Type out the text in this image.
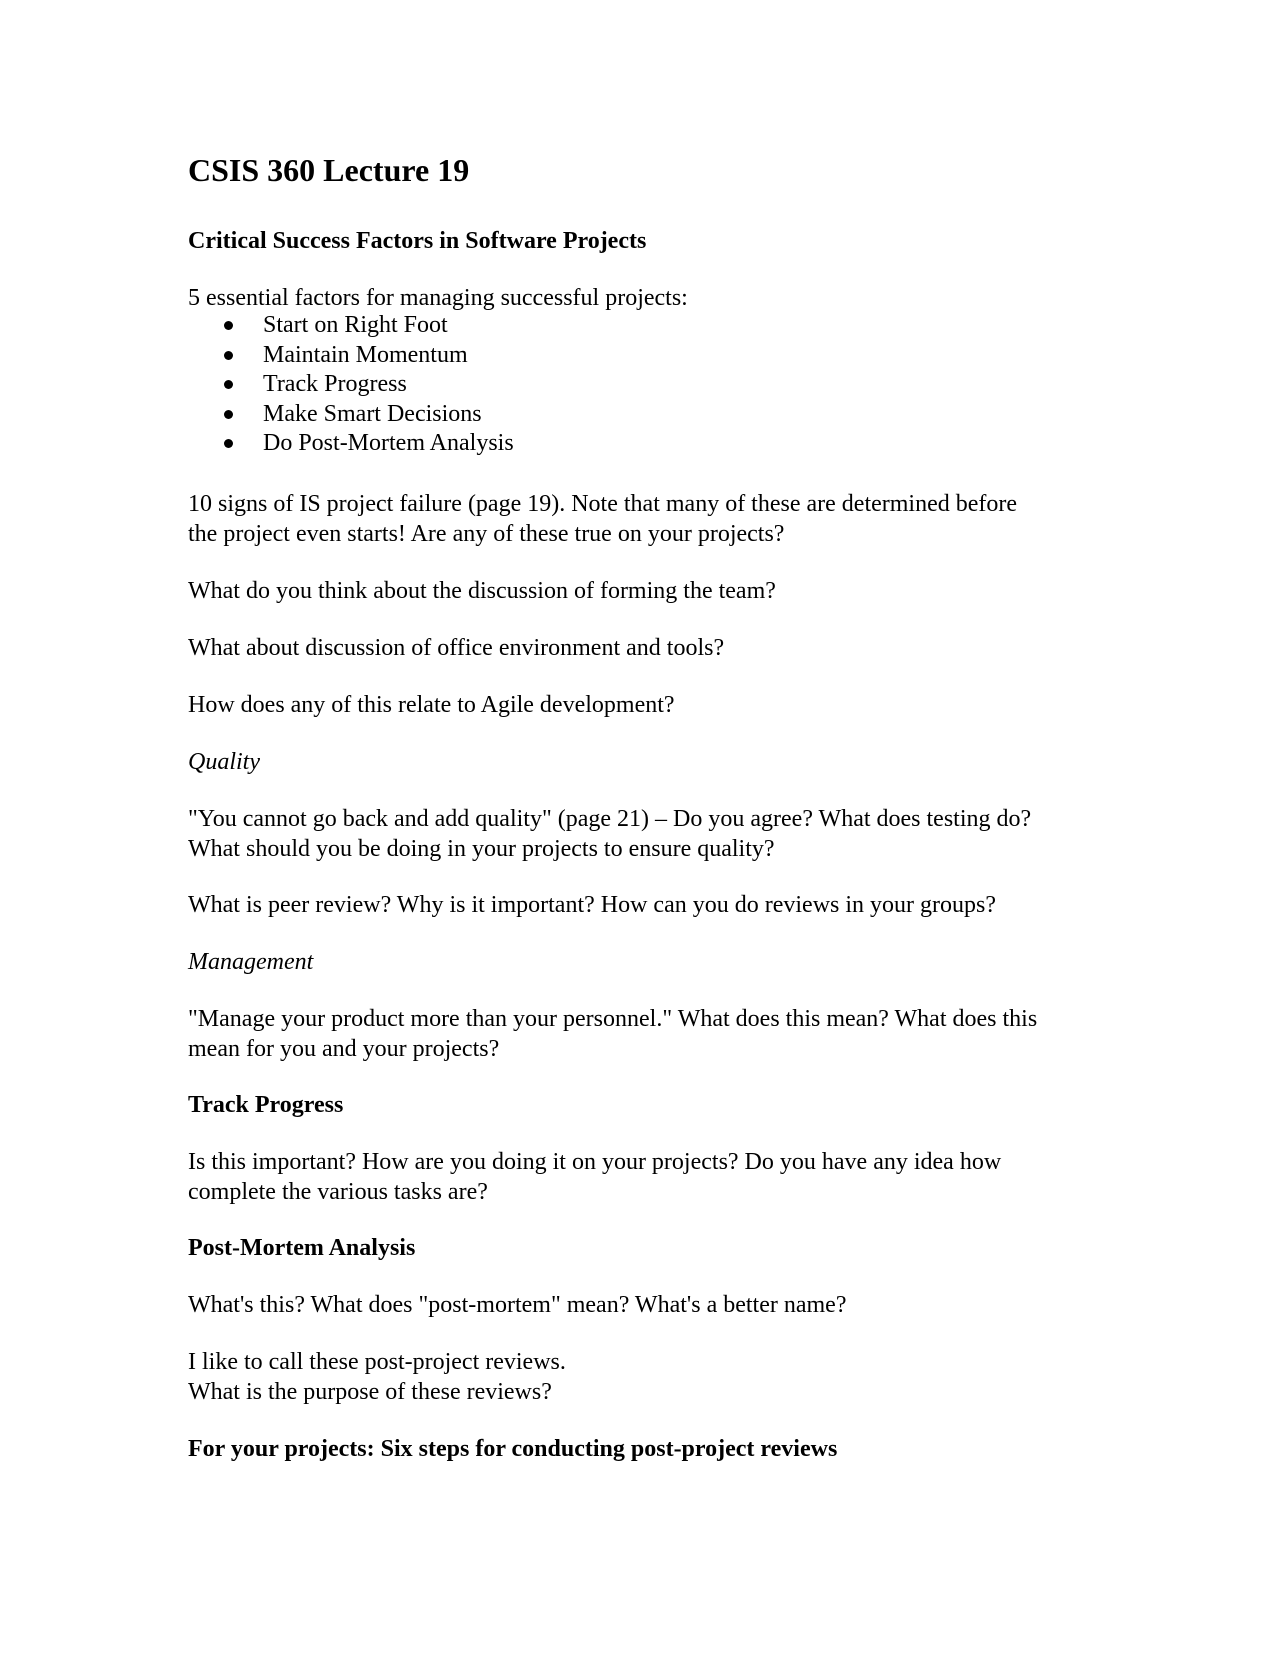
CSIS 360 Lecture 19

Critical Success Factors in Software Projects

5 essential factors for managing successful projects:

Start on Right Foot
Maintain Momentum
Track Progress
Make Smart Decisions
Do Post-Mortem Analysis

10 signs of IS project failure (page 19). Note that many of these are determined before
the project even starts! Are any of these true on your projects?

What do you think about the discussion of forming the team?

What about discussion of office environment and tools?

How does any of this relate to Agile development?

Quality

"You cannot go back and add quality" (page 21) – Do you agree? What does testing do?
What should you be doing in your projects to ensure quality?

What is peer review? Why is it important? How can you do reviews in your groups?

Management

"Manage your product more than your personnel." What does this mean? What does this
mean for you and your projects?

Track Progress

Is this important? How are you doing it on your projects? Do you have any idea how
complete the various tasks are?

Post-Mortem Analysis

What's this? What does "post-mortem" mean? What's a better name?

I like to call these post-project reviews.
What is the purpose of these reviews?

For your projects: Six steps for conducting post-project reviews
